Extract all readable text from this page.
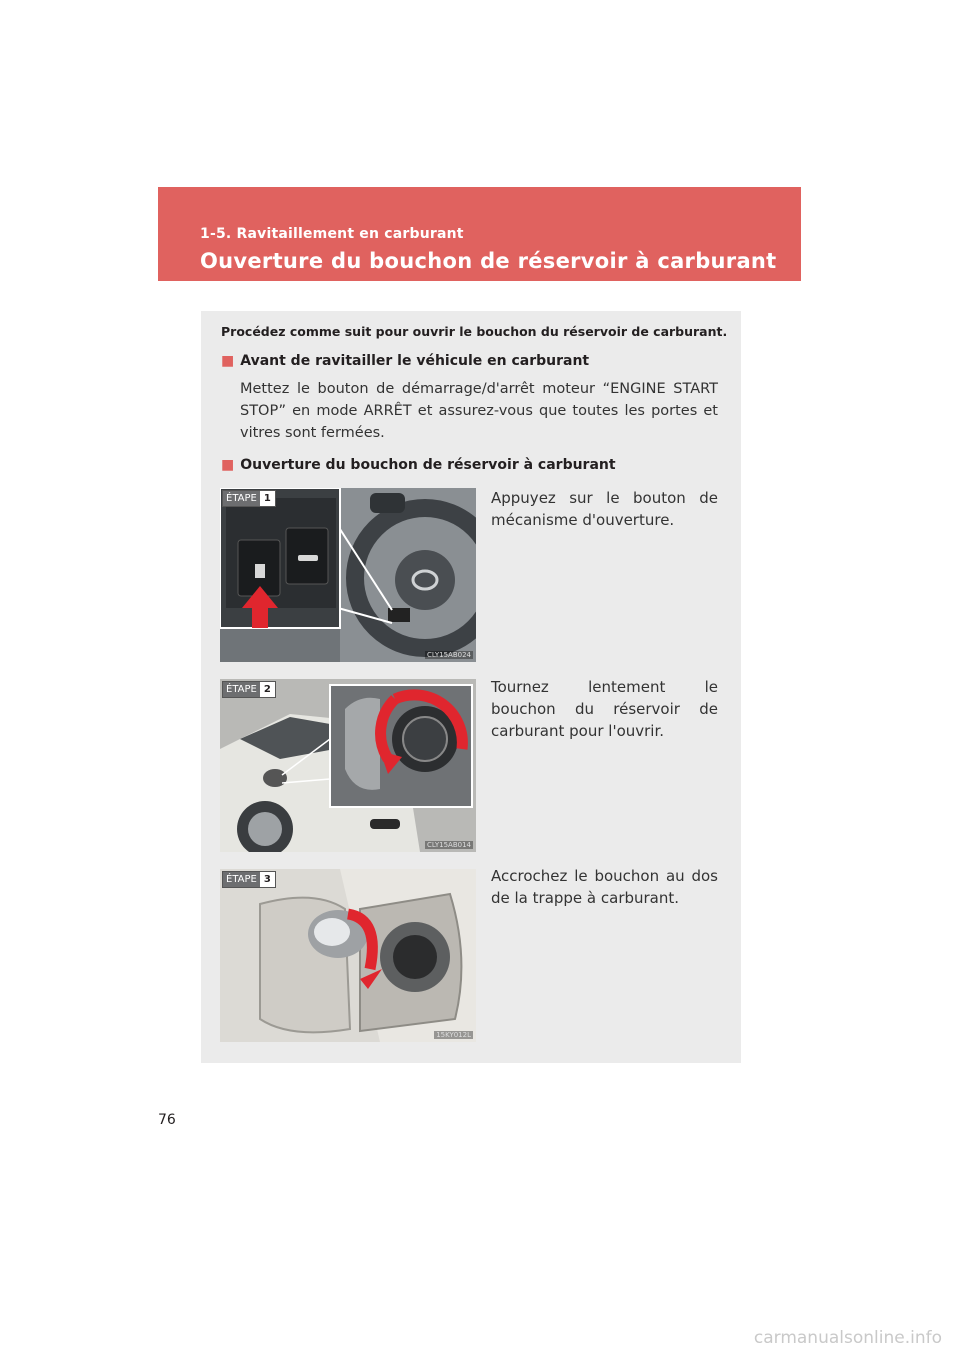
1-5. Ravitaillement en carburant
Ouverture du bouchon de réservoir à carburant
Procédez comme suit pour ouvrir le bouchon du réservoir de carburant.
■ Avant de ravitailler le véhicule en carburant
Mettez le bouton de démarrage/d'arrêt moteur “ENGINE START STOP” en mode ARRÊT et assurez-vous que toutes les portes et vitres sont fermées.
■ Ouverture du bouchon de réservoir à carburant
ÉTAPE 1
CLY15AB024
Appuyez sur le bouton de mécanisme d'ouverture.
ÉTAPE 2
CLY15AB014
Tournez lentement le bouchon du réservoir de carburant pour l'ouvrir.
ÉTAPE 3
15KY012L
Accrochez le bouchon au dos de la trappe à carburant.
76
carmanualsonline.info
